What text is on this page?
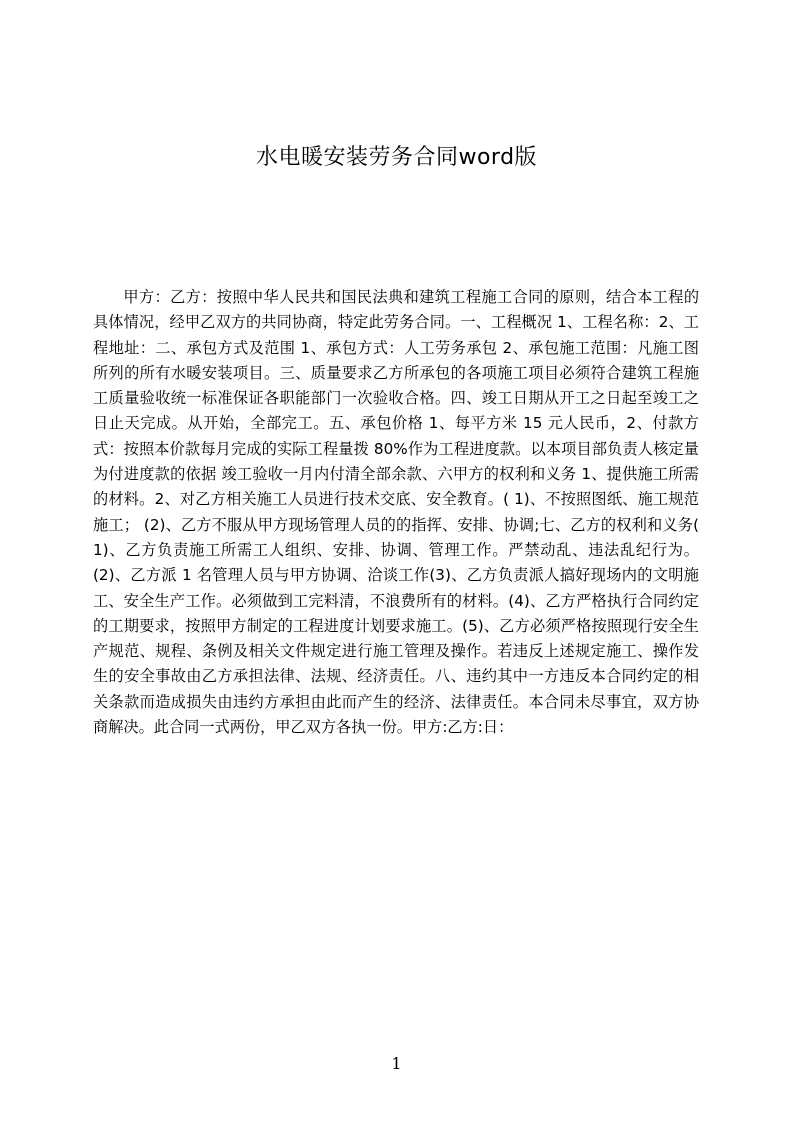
水电暖安装劳务合同word版

甲方：乙方：按照中华人民共和国民法典和建筑工程施工合同的原则，结合本工程的具体情况，经甲乙双方的共同协商，特定此劳务合同。一、工程概况 1、工程名称：2、工程地址：二、承包方式及范围 1、承包方式：人工劳务承包 2、承包施工范围：凡施工图所列的所有水暖安装项目。三、质量要求乙方所承包的各项施工项目必须符合建筑工程施工质量验收统一标准保证各职能部门一次验收合格。四、竣工日期从开工之日起至竣工之日止天完成。从开始，全部完工。五、承包价格 1、每平方米 15 元人民币，2、付款方式：按照本价款每月完成的实际工程量拨 80%作为工程进度款。以本项目部负责人核定量为付进度款的依据 竣工验收一月内付清全部余款、六甲方的权利和义务 1、提供施工所需的材料。2、对乙方相关施工人员进行技术交底、安全教育。( 1)、不按照图纸、施工规范施工； (2)、乙方不服从甲方现场管理人员的的指挥、安排、协调;七、乙方的权利和义务( 1)、乙方负责施工所需工人组织、安排、协调、管理工作。严禁动乱、违法乱纪行为。(2)、乙方派 1 名管理人员与甲方协调、洽谈工作(3)、乙方负责派人搞好现场内的文明施工、安全生产工作。必须做到工完料清，不浪费所有的材料。(4)、乙方严格执行合同约定的工期要求，按照甲方制定的工程进度计划要求施工。(5)、乙方必须严格按照现行安全生产规范、规程、条例及相关文件规定进行施工管理及操作。若违反上述规定施工、操作发生的安全事故由乙方承担法律、法规、经济责任。八、违约其中一方违反本合同约定的相关条款而造成损失由违约方承担由此而产生的经济、法律责任。本合同未尽事宜，双方协商解决。此合同一式两份，甲乙双方各执一份。甲方:乙方:日：

1
